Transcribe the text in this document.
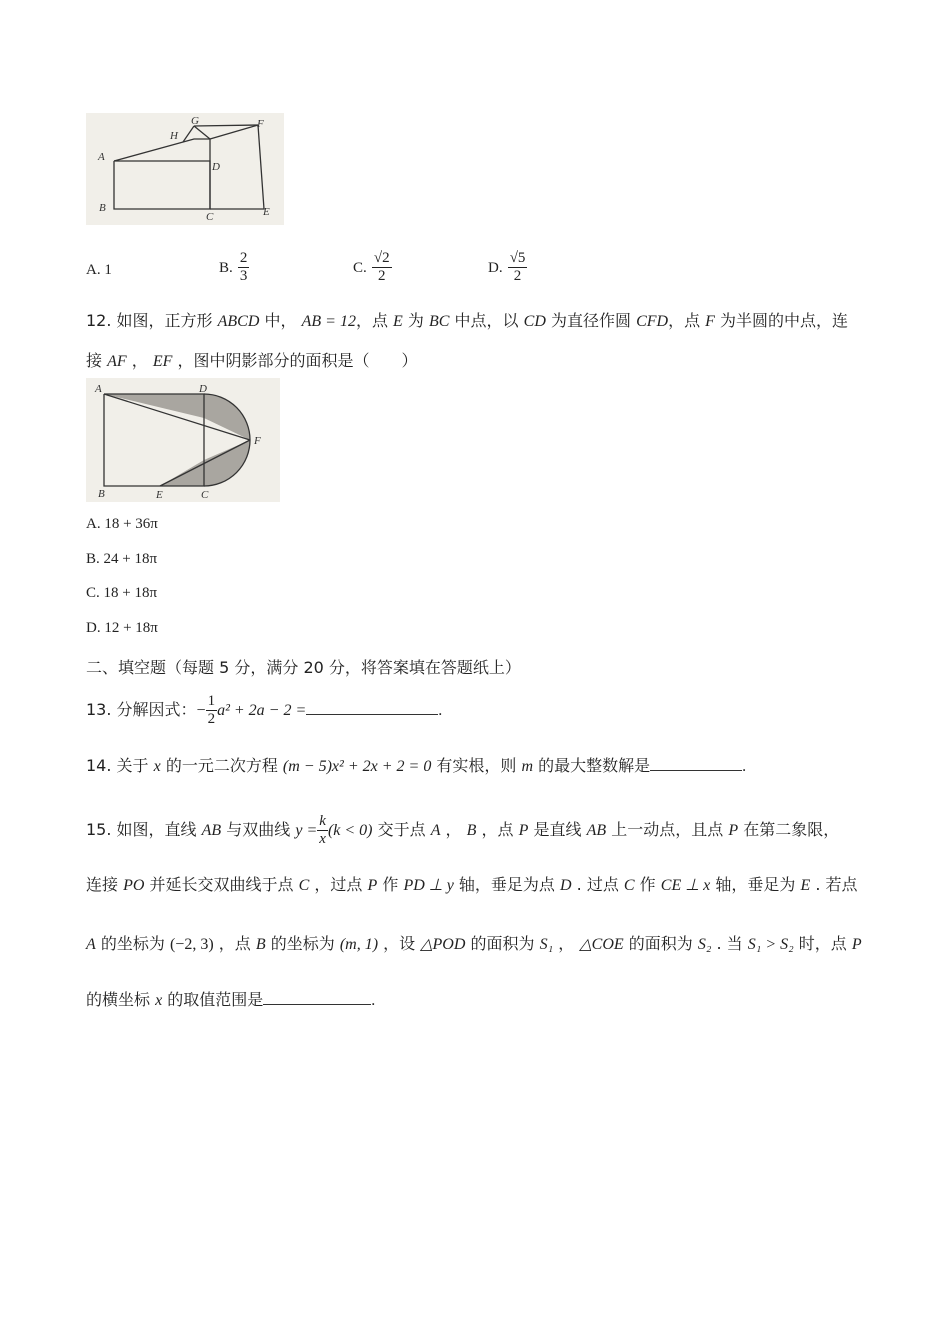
G	F
H
A
D
B
C	E
A. 1	B. $\frac{2}{3}$	C. $\frac{√2}{2}$	D. $\frac{√5}{2}$
12. 如图，正方形 ABCD 中， AB = 12，点 E 为 BC 中点，以 CD 为直径作圆 CFD，点 F 为半圆的中点，连
接 AF ， EF ，图中阴影部分的面积是（　　）
A	D
F
B	E	C
A. 18 + 36π
B. 24 + 18π
C. 18 + 18π
D. 12 + 18π
二、填空题（每题 5 分，满分 20 分，将答案填在答题纸上）
13. 分解因式：− $\frac{1}{2} a^2 + 2a - 2$ =	.
14. 关于 x 的一元二次方程 (m − 5)x² + 2x + 2 = 0 有实根，则 m 的最大整数解是	.
15. 如图，直线 AB 与双曲线 $y = \frac{k}{x} (k < 0)$ 交于点 A ， B ，点 P 是直线 AB 上一动点，且点 P 在第二象限，
连接 PO 并延长交双曲线于点 C ，过点 P 作 PD ⊥ y 轴，垂足为点 D . 过点 C 作 CE ⊥ x 轴，垂足为 E . 若点
A 的坐标为 (−2, 3) ，点 B 的坐标为 (m, 1) ，设 △POD 的面积为 S₁ ， △COE 的面积为 S₂ . 当 S₁ > S₂ 时，点 P
的横坐标 x 的取值范围是	.
